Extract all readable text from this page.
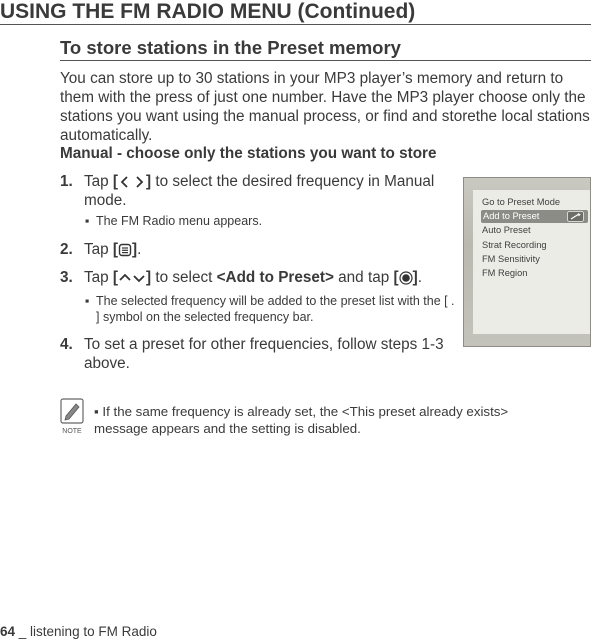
USING THE FM RADIO MENU (Continued)
To store stations in the Preset memory

You can store up to 30 stations in your MP3 player’s memory and return to them with the press of just one number. Have the MP3 player choose only the stations you want using the manual process, or find and storethe local stations automatically.

Manual - choose only the stations you want to store
1. Tap [ ] to select the desired frequency in Manual mode.
▪ The FM Radio menu appears.
2. Tap [ ].
3. Tap [ ] to select <Add to Preset> and tap [ ].
▪ The selected frequency will be added to the preset list with the [ . ] symbol on the selected frequency bar.
4. To set a preset for other frequencies, follow steps 1-3 above.
Go to Preset Mode
Add to Preset
Auto Preset
Strat Recording
FM Sensitivity
FM Region
NOTE
▪ If the same frequency is already set, the <This preset already exists> message appears and the setting is disabled.
64 _ listening to FM Radio
